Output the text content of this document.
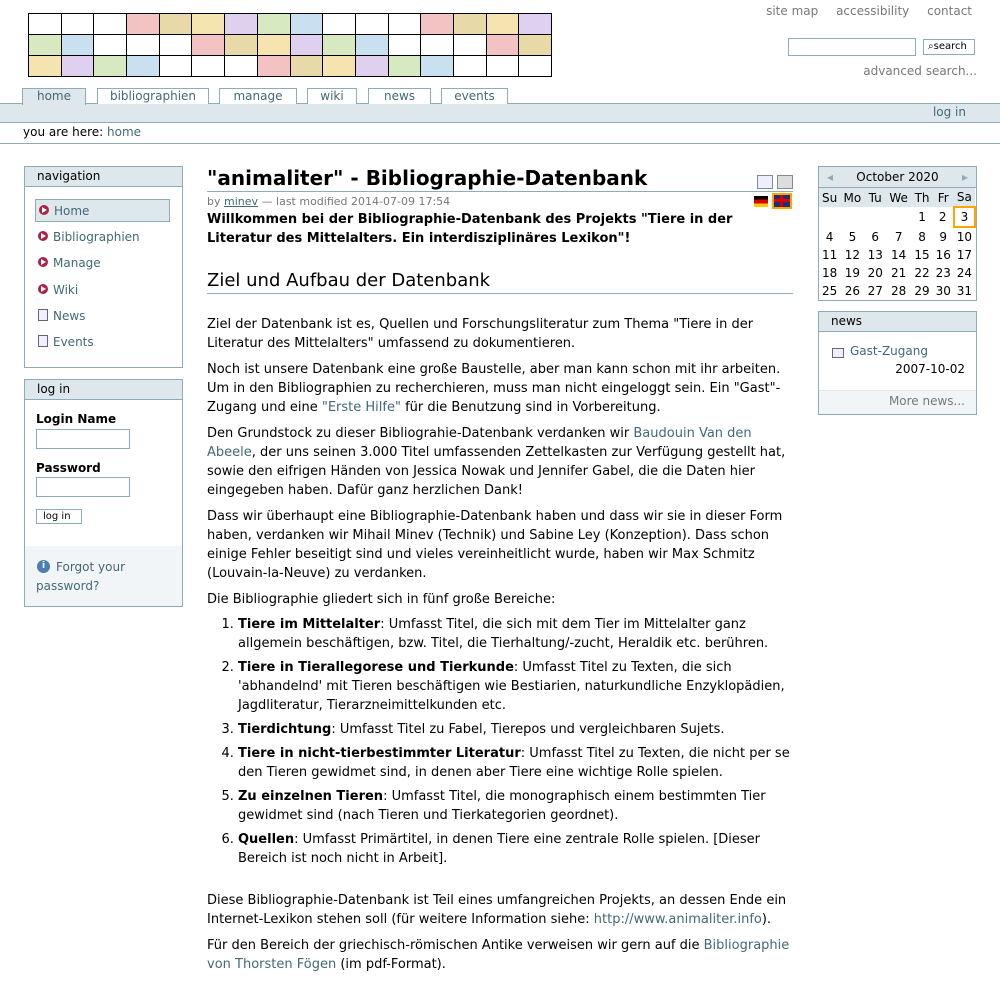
site map accessibility contact
⌕search
advanced search...
home	bibliographien	manage	wiki	news	events
log in
you are here: home
navigation
Home
Bibliographien
Manage
Wiki
News
Events
log in
Login Name
Password
log in
i Forgot your password?
"animaliter" - Bibliographie-Datenbank
by minev — last modified 2014-07-09 17:54
Willkommen bei der Bibliographie-Datenbank des Projekts "Tiere in der Literatur des Mittelalters. Ein interdisziplinäres Lexikon"!
Ziel und Aufbau der Datenbank

Ziel der Datenbank ist es, Quellen und Forschungsliteratur zum Thema "Tiere in der Literatur des Mittelalters" umfassend zu dokumentieren.

Noch ist unsere Datenbank eine große Baustelle, aber man kann schon mit ihr arbeiten. Um in den Bibliographien zu recherchieren, muss man nicht eingeloggt sein. Ein "Gast"-Zugang und eine "Erste Hilfe" für die Benutzung sind in Vorbereitung.

Den Grundstock zu dieser Bibliograhie-Datenbank verdanken wir Baudouin Van den Abeele, der uns seinen 3.000 Titel umfassenden Zettelkasten zur Verfügung gestellt hat, sowie den eifrigen Händen von Jessica Nowak und Jennifer Gabel, die die Daten hier eingegeben haben. Dafür ganz herzlichen Dank!

Dass wir überhaupt eine Bibliographie-Datenbank haben und dass wir sie in dieser Form haben, verdanken wir Mihail Minev (Technik) und Sabine Ley (Konzeption). Dass schon einige Fehler beseitigt sind und vieles vereinheitlicht wurde, haben wir Max Schmitz (Louvain-la-Neuve) zu verdanken.

Die Bibliographie gliedert sich in fünf große Bereiche:

1. Tiere im Mittelalter: Umfasst Titel, die sich mit dem Tier im Mittelalter ganz allgemein beschäftigen, bzw. Titel, die Tierhaltung/-zucht, Heraldik etc. berühren.
2. Tiere in Tierallegorese und Tierkunde: Umfasst Titel zu Texten, die sich 'abhandelnd' mit Tieren beschäftigen wie Bestiarien, naturkundliche Enzyklopädien, Jagdliteratur, Tierarzneimittelkunden etc.
3. Tierdichtung: Umfasst Titel zu Fabel, Tierepos und vergleichbaren Sujets.
4. Tiere in nicht-tierbestimmter Literatur: Umfasst Titel zu Texten, die nicht per se den Tieren gewidmet sind, in denen aber Tiere eine wichtige Rolle spielen.
5. Zu einzelnen Tieren: Umfasst Titel, die monographisch einem bestimmten Tier gewidmet sind (nach Tieren und Tierkategorien geordnet).
6. Quellen: Umfasst Primärtitel, in denen Tiere eine zentrale Rolle spielen. [Dieser Bereich ist noch nicht in Arbeit].

Diese Bibliographie-Datenbank ist Teil eines umfangreichen Projekts, an dessen Ende ein Internet-Lexikon stehen soll (für weitere Information siehe: http://www.animaliter.info).

Für den Bereich der griechisch-römischen Antike verweisen wir gern auf die Bibliographie von Thorsten Fögen (im pdf-Format).

◂ October 2020 ▸
Su	Mo	Tu	We	Th	Fr	Sa
				1	2	3
4	5	6	7	8	9	10
11	12	13	14	15	16	17
18	19	20	21	22	23	24
25	26	27	28	29	30	31
news
Gast-Zugang
2007-10-02
More news...
